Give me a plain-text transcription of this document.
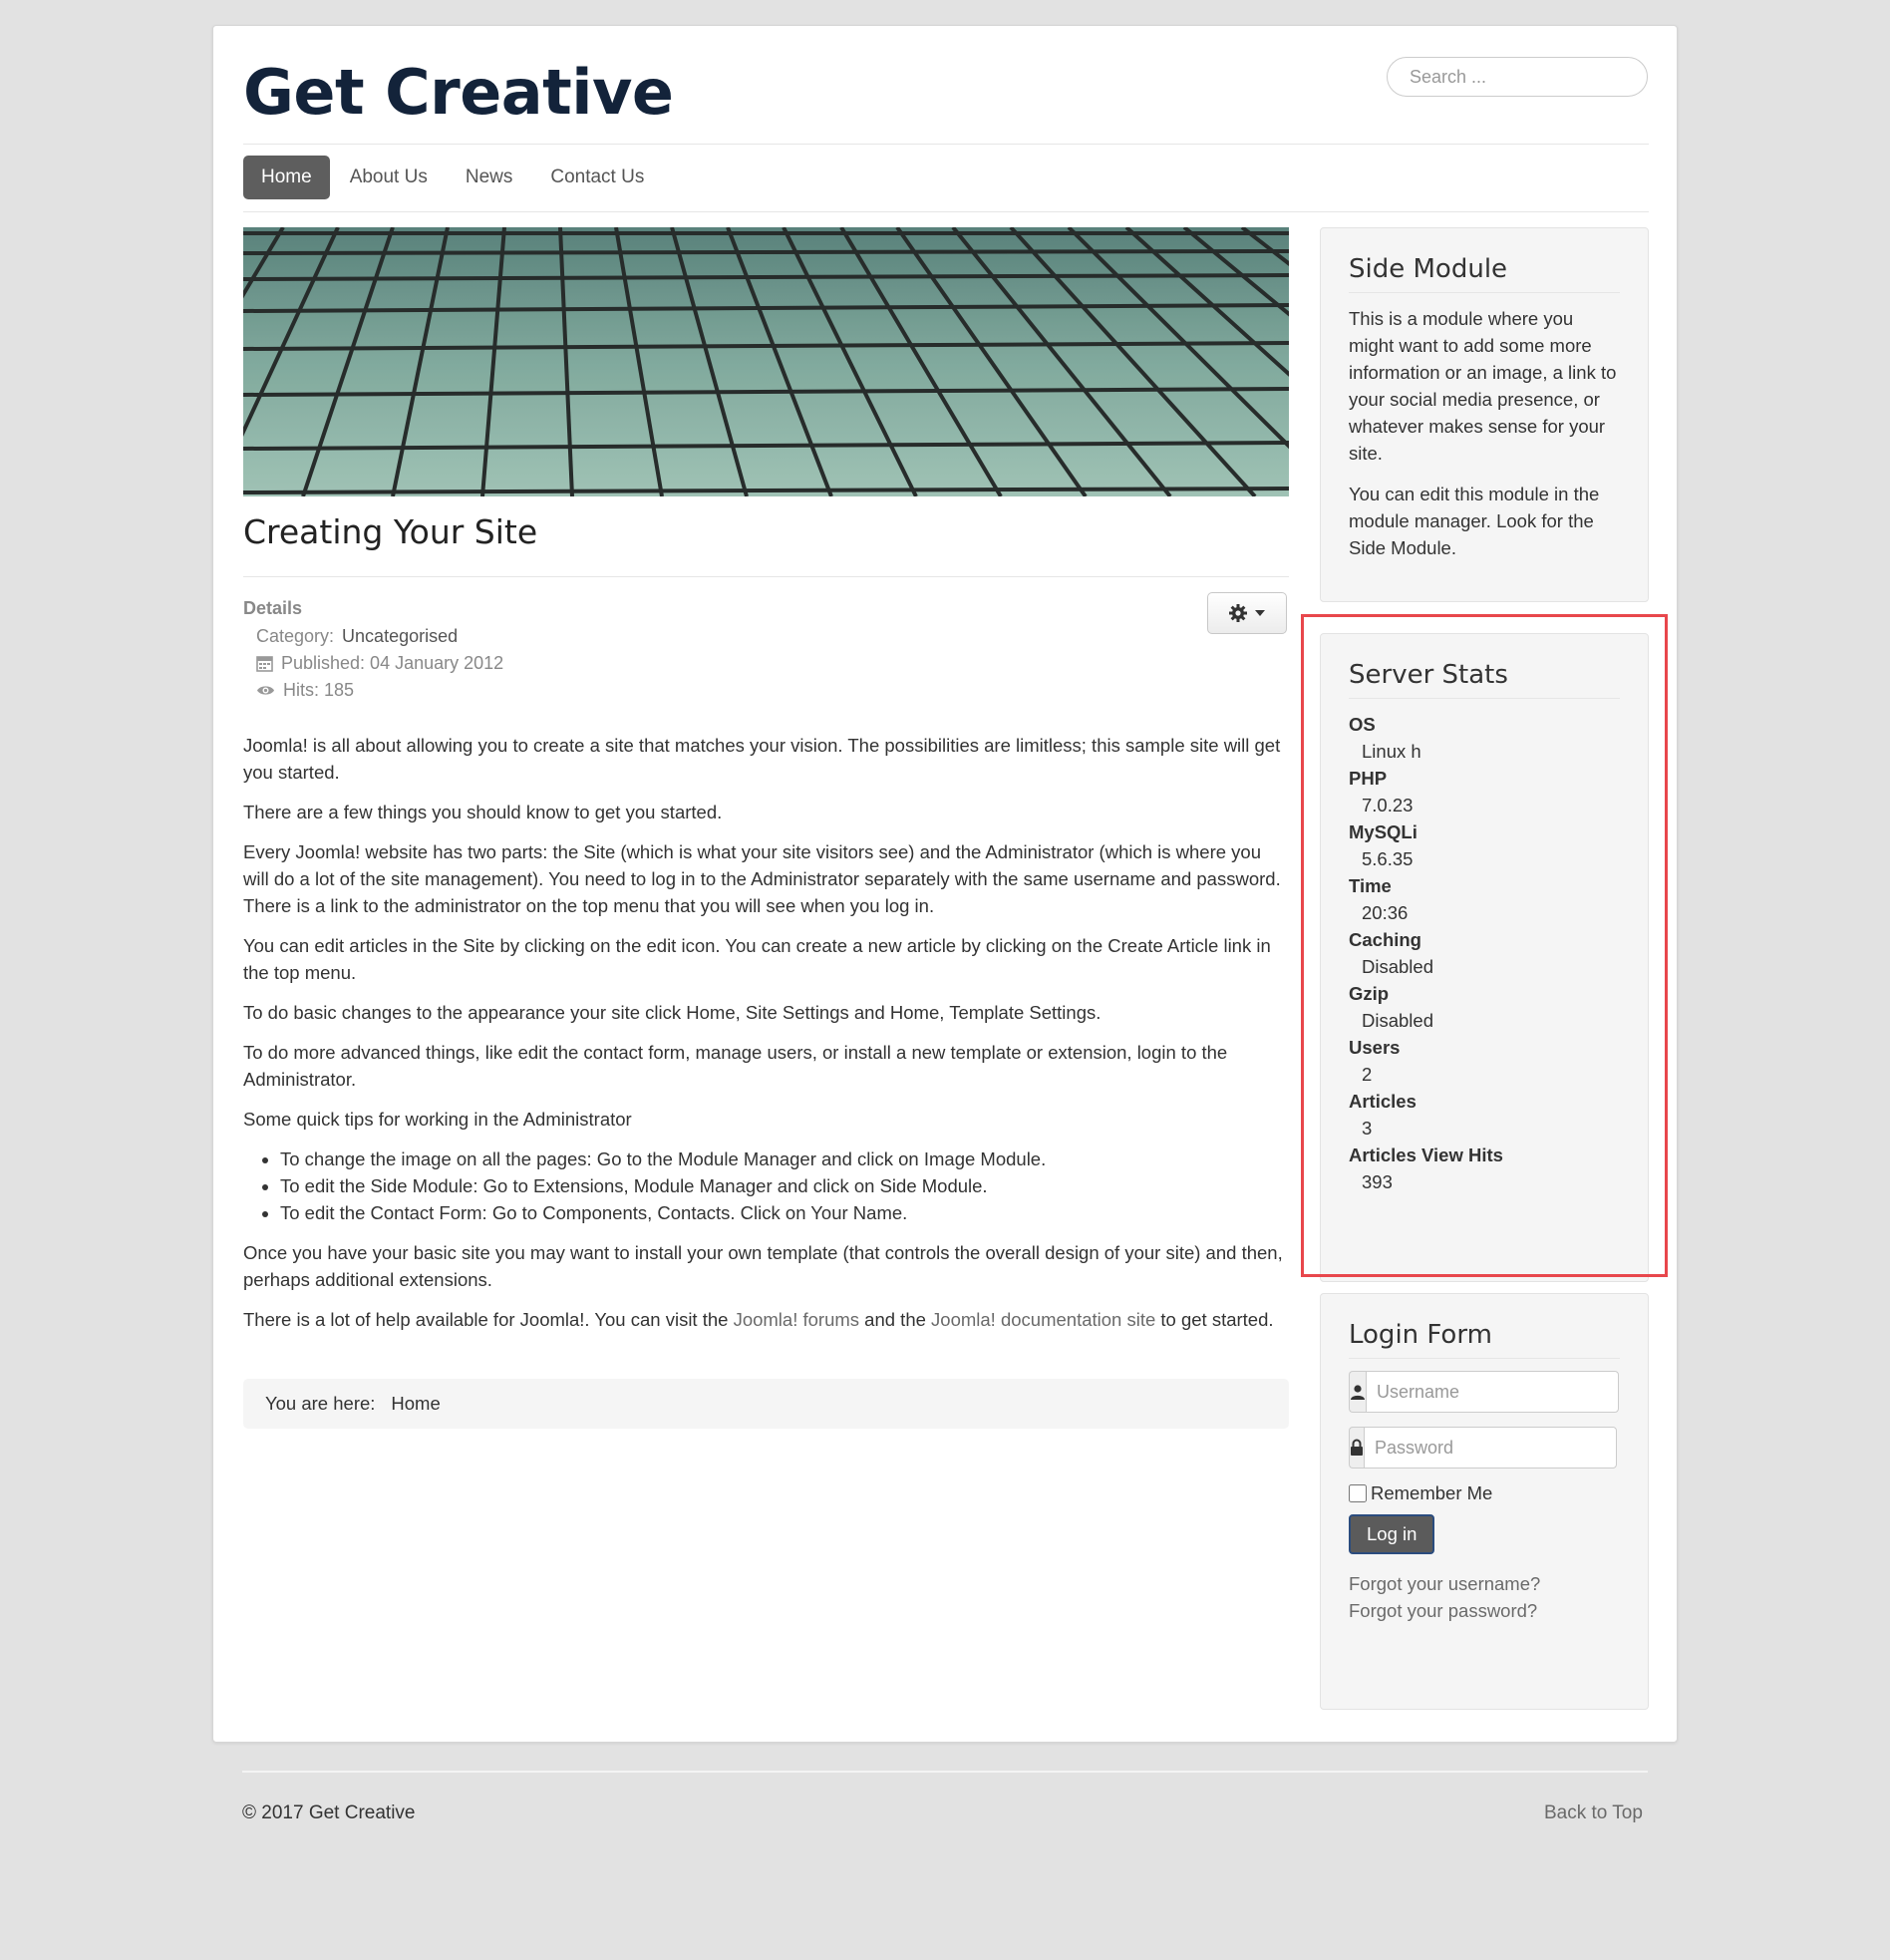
Get Creative
Search ...
Home	About Us	News	Contact Us
Creating Your Site
Details
Category: Uncategorised
Published: 04 January 2012
Hits: 185

Joomla! is all about allowing you to create a site that matches your vision. The possibilities are limitless; this sample site will get you started.

There are a few things you should know to get you started.

Every Joomla! website has two parts: the Site (which is what your site visitors see) and the Administrator (which is where you will do a lot of the site management). You need to log in to the Administrator separately with the same username and password. There is a link to the administrator on the top menu that you will see when you log in.

You can edit articles in the Site by clicking on the edit icon. You can create a new article by clicking on the Create Article link in the top menu.

To do basic changes to the appearance your site click Home, Site Settings and Home, Template Settings.

To do more advanced things, like edit the contact form, manage users, or install a new template or extension, login to the Administrator.

Some quick tips for working in the Administrator

• To change the image on all the pages: Go to the Module Manager and click on Image Module.
• To edit the Side Module: Go to Extensions, Module Manager and click on Side Module.
• To edit the Contact Form: Go to Components, Contacts. Click on Your Name.

Once you have your basic site you may want to install your own template (that controls the overall design of your site) and then, perhaps additional extensions.

There is a lot of help available for Joomla!. You can visit the Joomla! forums and the Joomla! documentation site to get started.

You are here: Home
Side Module

This is a module where you might want to add some more information or an image, a link to your social media presence, or whatever makes sense for your site.

You can edit this module in the module manager. Look for the Side Module.

Server Stats
OS
Linux h
PHP
7.0.23
MySQLi
5.6.35
Time
20:36
Caching
Disabled
Gzip
Disabled
Users
2
Articles
3
Articles View Hits
393
Login Form
Username
Remember Me
Log in
Forgot your username?
Forgot your password?
© 2017 Get Creative	Back to Top
